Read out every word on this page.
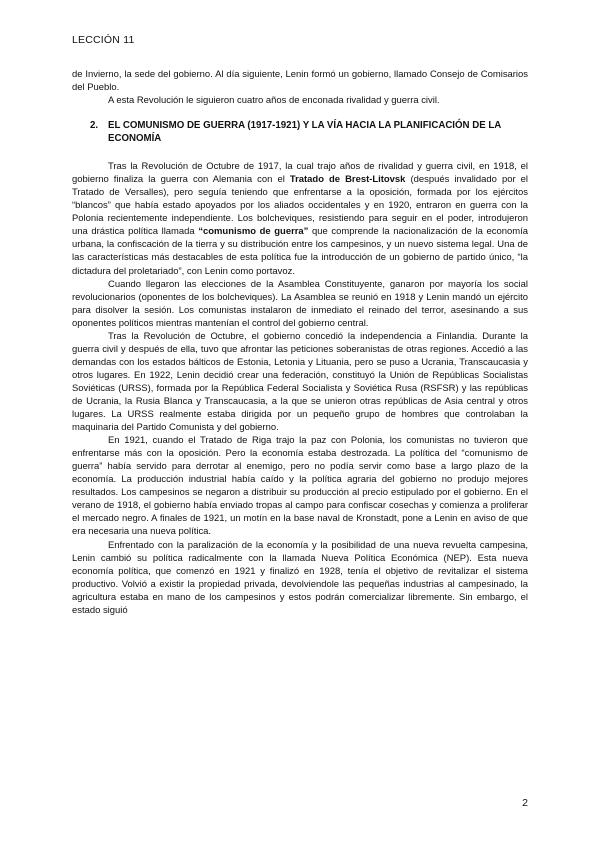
LECCIÓN 11

de Invierno, la sede del gobierno. Al día siguiente, Lenin formó un gobierno, llamado Consejo de Comisarios del Pueblo.

A esta Revolución le siguieron cuatro años de enconada rivalidad y guerra civil.

2.	EL COMUNISMO DE GUERRA (1917-1921) Y LA VÍA HACIA LA PLANIFICACIÓN DE LA ECONOMÍA

Tras la Revolución de Octubre de 1917, la cual trajo años de rivalidad y guerra civil, en 1918, el gobierno finaliza la guerra con Alemania con el Tratado de Brest-Litovsk (después invalidado por el Tratado de Versalles), pero seguía teniendo que enfrentarse a la oposición, formada por los ejércitos “blancos” que había estado apoyados por los aliados occidentales y en 1920, entraron en guerra con la Polonia recientemente independiente. Los bolcheviques, resistiendo para seguir en el poder, introdujeron una drástica política llamada “comunismo de guerra” que comprende la nacionalización de la economía urbana, la confiscación de la tierra y su distribución entre los campesinos, y un nuevo sistema legal. Una de las características más destacables de esta política fue la introducción de un gobierno de partido único, “la dictadura del proletariado”, con Lenin como portavoz.

Cuando llegaron las elecciones de la Asamblea Constituyente, ganaron por mayoría los social revolucionarios (oponentes de los bolcheviques). La Asamblea se reunió en 1918 y Lenin mandó un ejército para disolver la sesión. Los comunistas instalaron de inmediato el reinado del terror, asesinando a sus oponentes políticos mientras mantenían el control del gobierno central.

Tras la Revolución de Octubre, el gobierno concedió la independencia a Finlandia. Durante la guerra civil y después de ella, tuvo que afrontar las peticiones soberanistas de otras regiones. Accedió a las demandas con los estados bálticos de Estonia, Letonia y Lituania, pero se puso a Ucrania, Transcaucasia y otros lugares. En 1922, Lenin decidió crear una federación, constituyó la Unión de Repúblicas Socialistas Soviéticas (URSS), formada por la República Federal Socialista y Soviética Rusa (RSFSR) y las repúblicas de Ucrania, la Rusia Blanca y Transcaucasia, a la que se unieron otras repúblicas de Asia central y otros lugares. La URSS realmente estaba dirigida por un pequeño grupo de hombres que controlaban la maquinaria del Partido Comunista y del gobierno.

En 1921, cuando el Tratado de Riga trajo la paz con Polonia, los comunistas no tuvieron que enfrentarse más con la oposición. Pero la economía estaba destrozada. La política del “comunismo de guerra” había servido para derrotar al enemigo, pero no podía servir como base a largo plazo de la economía. La producción industrial había caído y la política agraria del gobierno no produjo mejores resultados. Los campesinos se negaron a distribuir su producción al precio estipulado por el gobierno. En el verano de 1918, el gobierno había enviado tropas al campo para confiscar cosechas y comienza a proliferar el mercado negro. A finales de 1921, un motín en la base naval de Kronstadt, pone a Lenin en aviso de que era necesaria una nueva política.

Enfrentado con la paralización de la economía y la posibilidad de una nueva revuelta campesina, Lenin cambió su política radicalmente con la llamada Nueva Política Económica (NEP). Esta nueva economía política, que comenzó en 1921 y finalizó en 1928, tenía el objetivo de revitalizar el sistema productivo. Volvió a existir la propiedad privada, devolviendole las pequeñas industrias al campesinado, la agricultura estaba en mano de los campesinos y estos podrán comercializar libremente. Sin embargo, el estado siguió

2
